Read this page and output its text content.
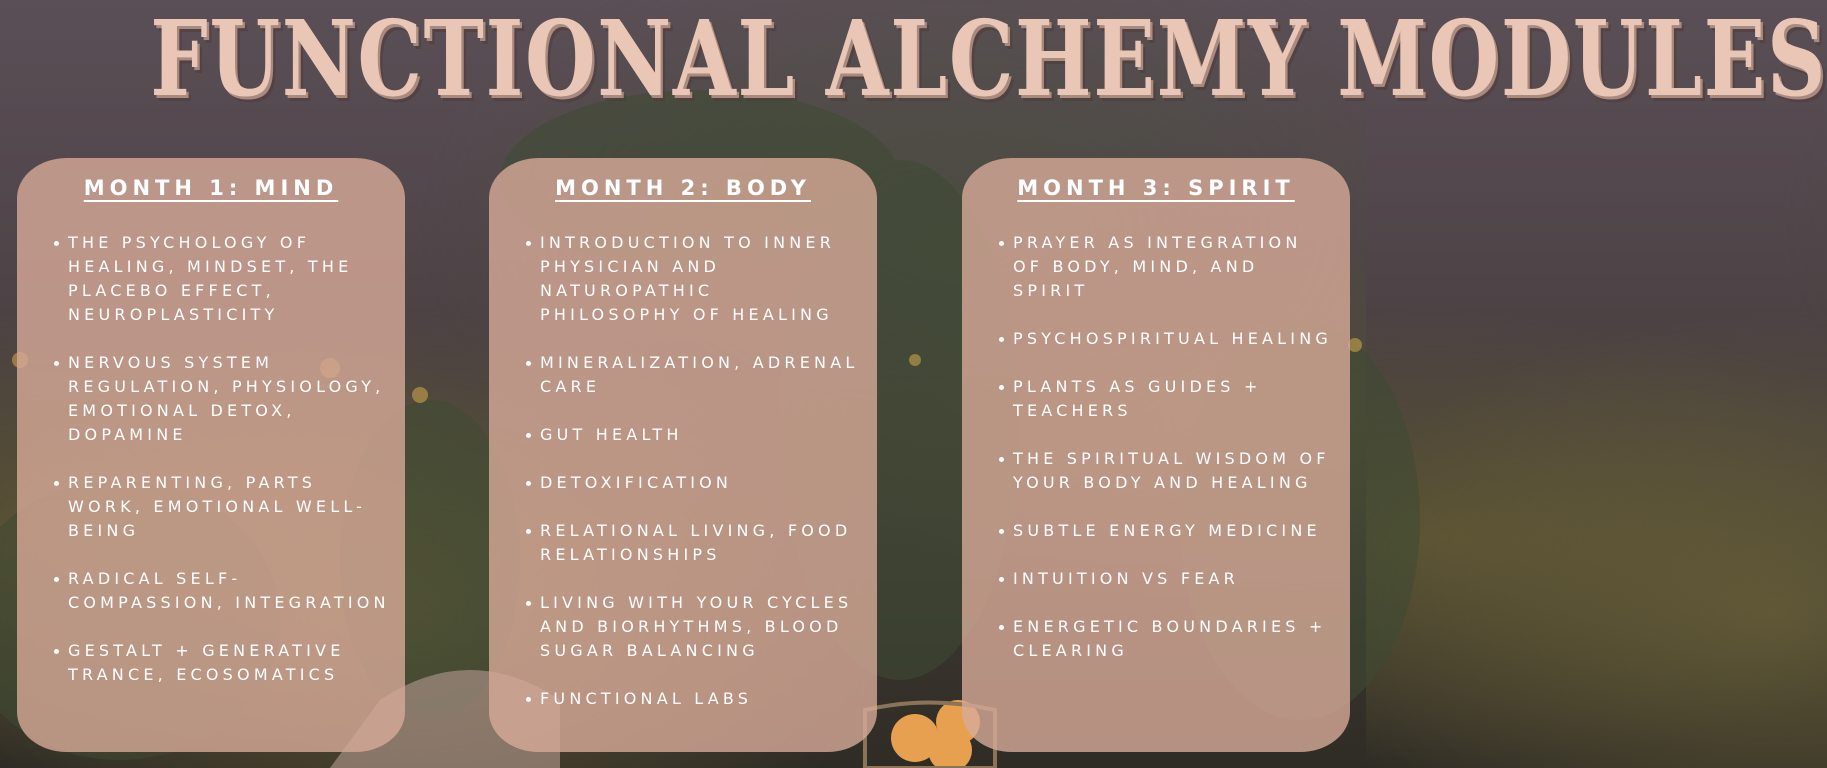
FUNCTIONAL ALCHEMY MODULES
MONTH 1: MIND
THE PSYCHOLOGY OF HEALING, MINDSET, THE PLACEBO EFFECT, NEUROPLASTICITY
NERVOUS SYSTEM REGULATION, PHYSIOLOGY, EMOTIONAL DETOX, DOPAMINE
REPARENTING, PARTS WORK, EMOTIONAL WELL-BEING
RADICAL SELF-COMPASSION, INTEGRATION
GESTALT + GENERATIVE TRANCE, ECOSOMATICS
MONTH 2: BODY
INTRODUCTION TO INNER PHYSICIAN AND NATUROPATHIC PHILOSOPHY OF HEALING
MINERALIZATION, ADRENAL CARE
GUT HEALTH
DETOXIFICATION
RELATIONAL LIVING, FOOD RELATIONSHIPS
LIVING WITH YOUR CYCLES AND BIORHYTHMS, BLOOD SUGAR BALANCING
FUNCTIONAL LABS
MONTH 3: SPIRIT
PRAYER AS INTEGRATION OF BODY, MIND, AND SPIRIT
PSYCHOSPIRITUAL HEALING
PLANTS AS GUIDES + TEACHERS
THE SPIRITUAL WISDOM OF YOUR BODY AND HEALING
SUBTLE ENERGY MEDICINE
INTUITION VS FEAR
ENERGETIC BOUNDARIES + CLEARING
